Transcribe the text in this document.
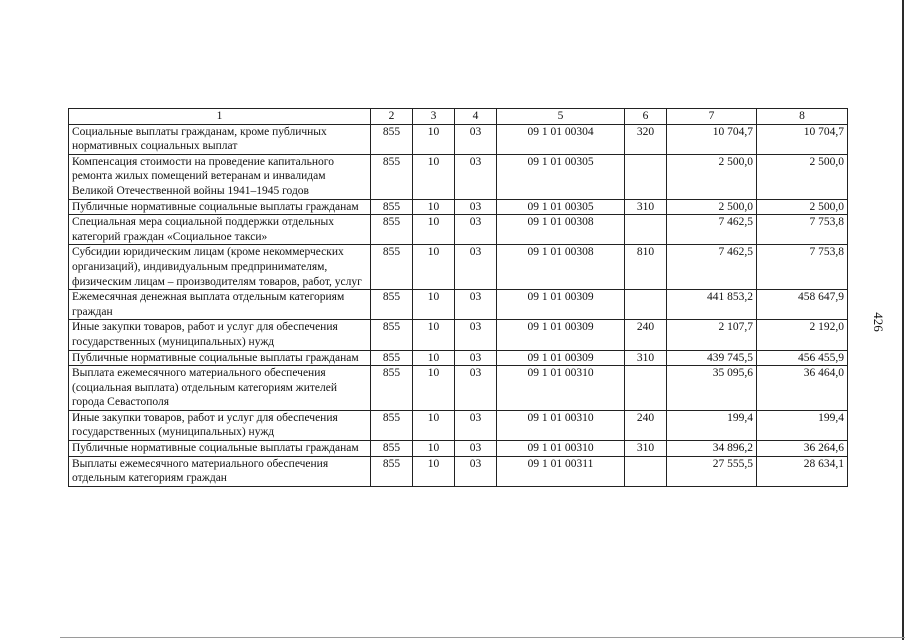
426
1	2	3	4	5	6	7	8
Социальные выплаты гражданам, кроме публичных нормативных социальных выплат	855	10	03	09 1 01 00304	320	10 704,7	10 704,7
Компенсация стоимости на проведение капитального ремонта жилых помещений ветеранам и инвалидам Великой Отечественной войны 1941–1945 годов	855	10	03	09 1 01 00305		2 500,0	2 500,0
Публичные нормативные социальные выплаты гражданам	855	10	03	09 1 01 00305	310	2 500,0	2 500,0
Специальная мера социальной поддержки отдельных категорий граждан «Социальное такси»	855	10	03	09 1 01 00308		7 462,5	7 753,8
Субсидии юридическим лицам (кроме некоммерческих организаций), индивидуальным предпринимателям, физическим лицам – производителям товаров, работ, услуг	855	10	03	09 1 01 00308	810	7 462,5	7 753,8
Ежемесячная денежная выплата отдельным категориям граждан	855	10	03	09 1 01 00309		441 853,2	458 647,9
Иные закупки товаров, работ и услуг для обеспечения государственных (муниципальных) нужд	855	10	03	09 1 01 00309	240	2 107,7	2 192,0
Публичные нормативные социальные выплаты гражданам	855	10	03	09 1 01 00309	310	439 745,5	456 455,9
Выплата ежемесячного материального обеспечения (социальная выплата) отдельным категориям жителей города Севастополя	855	10	03	09 1 01 00310		35 095,6	36 464,0
Иные закупки товаров, работ и услуг для обеспечения государственных (муниципальных) нужд	855	10	03	09 1 01 00310	240	199,4	199,4
Публичные нормативные социальные выплаты гражданам	855	10	03	09 1 01 00310	310	34 896,2	36 264,6
Выплаты ежемесячного материального обеспечения отдельным категориям граждан	855	10	03	09 1 01 00311		27 555,5	28 634,1
